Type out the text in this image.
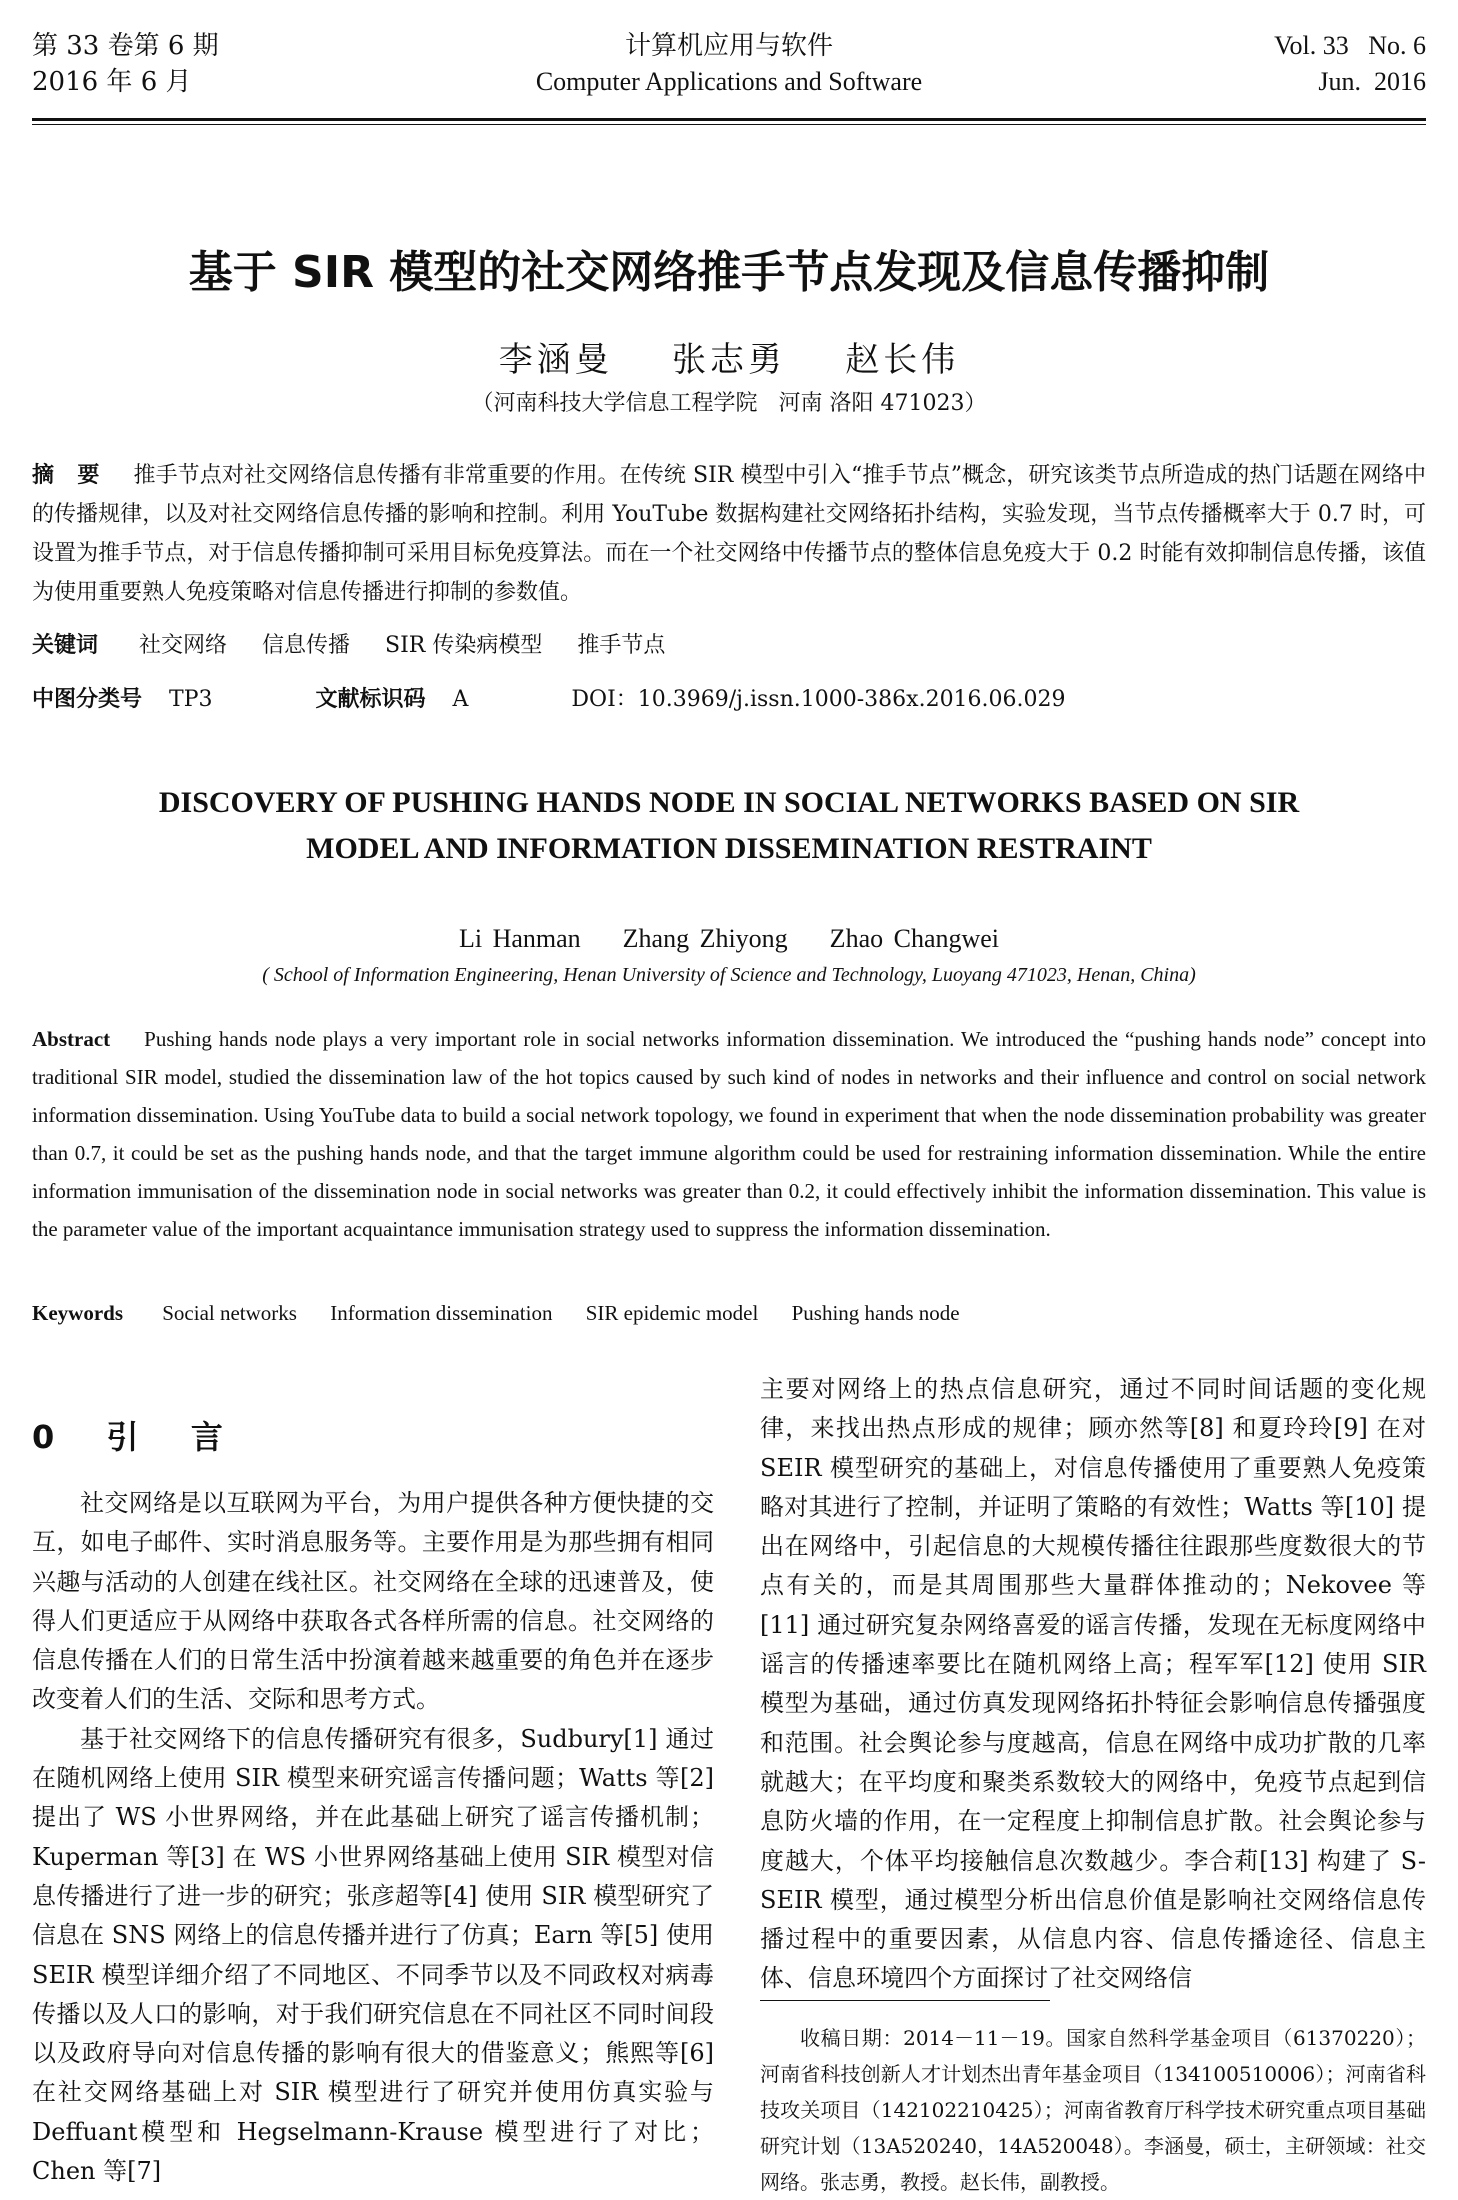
第 33 卷第 6 期
2016 年 6 月
计算机应用与软件
Computer Applications and Software
Vol. 33   No. 6
Jun.  2016
基于 SIR 模型的社交网络推手节点发现及信息传播抑制
李涵曼    张志勇    赵长伟
（河南科技大学信息工程学院   河南 洛阳 471023）
摘   要 推手节点对社交网络信息传播有非常重要的作用。在传统 SIR 模型中引入“推手节点”概念，研究该类节点所造成的热门话题在网络中的传播规律，以及对社交网络信息传播的影响和控制。利用 YouTube 数据构建社交网络拓扑结构，实验发现，当节点传播概率大于 0.7 时，可设置为推手节点，对于信息传播抑制可采用目标免疫算法。而在一个社交网络中传播节点的整体信息免疫大于 0.2 时能有效抑制信息传播，该值为使用重要熟人免疫策略对信息传播进行抑制的参数值。
关键词 社交网络 信息传播 SIR 传染病模型 推手节点
中图分类号 TP3	文献标识码 A	DOI：10.3969/j.issn.1000-386x.2016.06.029
DISCOVERY OF PUSHING HANDS NODE IN SOCIAL NETWORKS BASED ON SIR
MODEL AND INFORMATION DISSEMINATION RESTRAINT
Li Hanman    Zhang Zhiyong    Zhao Changwei
( School of Information Engineering, Henan University of Science and Technology, Luoyang 471023, Henan, China)
Abstract Pushing hands node plays a very important role in social networks information dissemination. We introduced the “pushing hands node” concept into traditional SIR model, studied the dissemination law of the hot topics caused by such kind of nodes in networks and their influence and control on social network information dissemination. Using YouTube data to build a social network topology, we found in experiment that when the node dissemination probability was greater than 0.7, it could be set as the pushing hands node, and that the target immune algorithm could be used for restraining information dissemination. While the entire information immunisation of the dissemination node in social networks was greater than 0.2, it could effectively inhibit the information dissemination. This value is the parameter value of the important acquaintance immunisation strategy used to suppress the information dissemination.
Keywords Social networks Information dissemination SIR epidemic model Pushing hands node
0  引  言

社交网络是以互联网为平台，为用户提供各种方便快捷的交互，如电子邮件、实时消息服务等。主要作用是为那些拥有相同兴趣与活动的人创建在线社区。社交网络在全球的迅速普及，使得人们更适应于从网络中获取各式各样所需的信息。社交网络的信息传播在人们的日常生活中扮演着越来越重要的角色并在逐步改变着人们的生活、交际和思考方式。

基于社交网络下的信息传播研究有很多，Sudbury[1] 通过在随机网络上使用 SIR 模型来研究谣言传播问题；Watts 等[2] 提出了 WS 小世界网络，并在此基础上研究了谣言传播机制；Kuperman 等[3] 在 WS 小世界网络基础上使用 SIR 模型对信息传播进行了进一步的研究；张彦超等[4] 使用 SIR 模型研究了信息在 SNS 网络上的信息传播并进行了仿真；Earn 等[5] 使用 SEIR 模型详细介绍了不同地区、不同季节以及不同政权对病毒传播以及人口的影响，对于我们研究信息在不同社区不同时间段以及政府导向对信息传播的影响有很大的借鉴意义；熊熙等[6] 在社交网络基础上对 SIR 模型进行了研究并使用仿真实验与 Deffuant模型和 Hegselmann-Krause 模型进行了对比；Chen 等[7]

主要对网络上的热点信息研究，通过不同时间话题的变化规律，来找出热点形成的规律；顾亦然等[8] 和夏玲玲[9] 在对 SEIR 模型研究的基础上，对信息传播使用了重要熟人免疫策略对其进行了控制，并证明了策略的有效性；Watts 等[10] 提出在网络中，引起信息的大规模传播往往跟那些度数很大的节点有关的，而是其周围那些大量群体推动的；Nekovee 等[11] 通过研究复杂网络喜爱的谣言传播，发现在无标度网络中谣言的传播速率要比在随机网络上高；程军军[12] 使用 SIR 模型为基础，通过仿真发现网络拓扑特征会影响信息传播强度和范围。社会舆论参与度越高，信息在网络中成功扩散的几率就越大；在平均度和聚类系数较大的网络中，免疫节点起到信息防火墙的作用，在一定程度上抑制信息扩散。社会舆论参与度越大，个体平均接触信息次数越少。李合莉[13] 构建了 S-SEIR 模型，通过模型分析出信息价值是影响社交网络信息传播过程中的重要因素，从信息内容、信息传播途径、信息主体、信息环境四个方面探讨了社交网络信

收稿日期：2014－11－19。国家自然科学基金项目（61370220）；河南省科技创新人才计划杰出青年基金项目（134100510006）；河南省科技攻关项目（142102210425）；河南省教育厅科学技术研究重点项目基础研究计划（13A520240，14A520048）。李涵曼，硕士，主研领域：社交网络。张志勇，教授。赵长伟，副教授。
